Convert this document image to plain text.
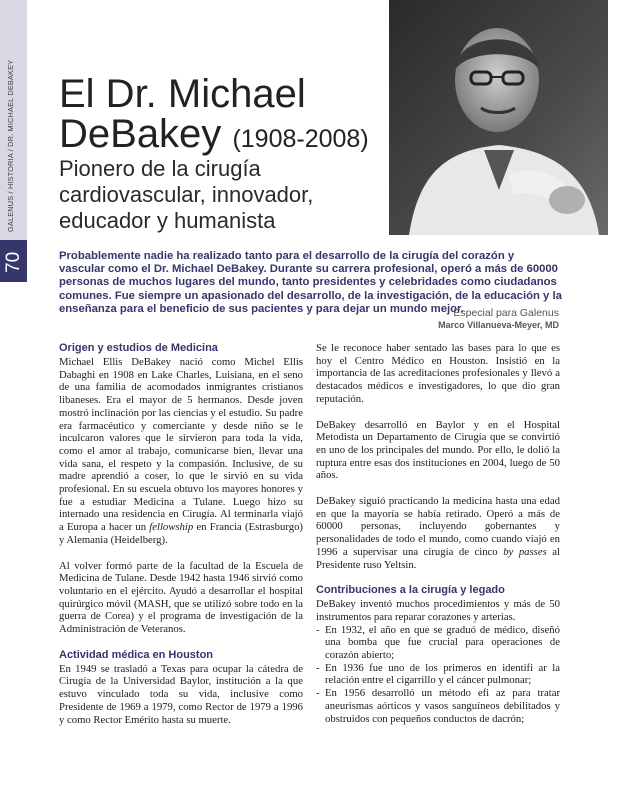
GALENUS / HISTORIA / DR. MICHAEL DEBAKEY
70
El Dr. Michael
DeBakey (1908-2008)
Pionero de la cirugía cardiovascular, innovador, educador y humanista
Probablemente nadie ha realizado tanto para el desarrollo de la cirugía del corazón y vascular como el Dr. Michael DeBakey. Durante su carrera profesional, operó a más de 60000 personas de muchos lugares del mundo, tanto presidentes y celebridades como ciudadanos comunes. Fue siempre un apasionado del desarrollo, de la investigación, de la educación y la enseñanza para el beneficio de sus pacientes y para dejar un mundo mejor.
Especial para Galenus
Marco Villanueva-Meyer, MD
Origen y estudios de Medicina

Michael Ellis DeBakey nació como Michel Ellis Dabaghi en 1908 en Lake Charles, Luisiana, en el seno de una familia de acomodados inmigrantes cristianos libaneses. Era el mayor de 5 hermanos. Desde joven mostró inclinación por las ciencias y el estudio. Su padre era farmacéutico y comerciante y desde niño se le inculcaron valores que le sirvieron para toda la vida, como el amor al trabajo, comunicarse bien, llevar una vida sana, el respeto y la compasión. Inclusive, de su madre aprendió a coser, lo que le sirvió en su vida profesional. En su escuela obtuvo los mayores honores y fue a estudiar Medicina a Tulane. Luego hizo su internado una residencia en Cirugía. Al terminarla viajó a Europa a hacer un fellowship en Francia (Estrasburgo) y Alemania (Heidelberg).

Al volver formó parte de la facultad de la Escuela de Medicina de Tulane. Desde 1942 hasta 1946 sirvió como voluntario en el ejército. Ayudó a desarrollar el hospital quirúrgico móvil (MASH, que se utilizó sobre todo en la guerra de Corea) y el programa de investigación de la Administración de Veteranos.

Actividad médica en Houston

En 1949 se trasladó a Texas para ocupar la cátedra de Cirugía de la Universidad Baylor, institución a la que estuvo vinculado toda su vida, inclusive como Presidente de 1969 a 1979, como Rector de 1979 a 1996 y como Rector Emérito hasta su muerte.

Se le reconoce haber sentado las bases para lo que es hoy el Centro Médico en Houston. Insistió en la importancia de las acreditaciones profesionales y llevó a destacados médicos e investigadores, lo que dio gran reputación.

DeBakey desarrolló en Baylor y en el Hospital Metodista un Departamento de Cirugía que se convirtió en uno de los principales del mundo. Por ello, le dolió la ruptura entre esas dos instituciones en 2004, luego de 50 años.

DeBakey siguió practicando la medicina hasta una edad en que la mayoría se había retirado. Operó a más de 60000 personas, incluyendo gobernantes y personalidades de todo el mundo, como cuando viajó en 1996 a supervisar una cirugía de cinco by passes al Presidente ruso Yeltsin.

Contribuciones a la cirugía y legado

DeBakey inventó muchos procedimientos y más de 50 instrumentos para reparar corazones y arterias.

- En 1932, el año en que se graduó de médico, diseñó una bomba que fue crucial para operaciones de corazón abierto;
- En 1936 fue uno de los primeros en identifi ar la relación entre el cigarrillo y el cáncer pulmonar;
- En 1956 desarrolló un método efi az para tratar aneurismas aórticos y vasos sanguíneos debilitados y obstruidos con pequeños conductos de dacrón;
